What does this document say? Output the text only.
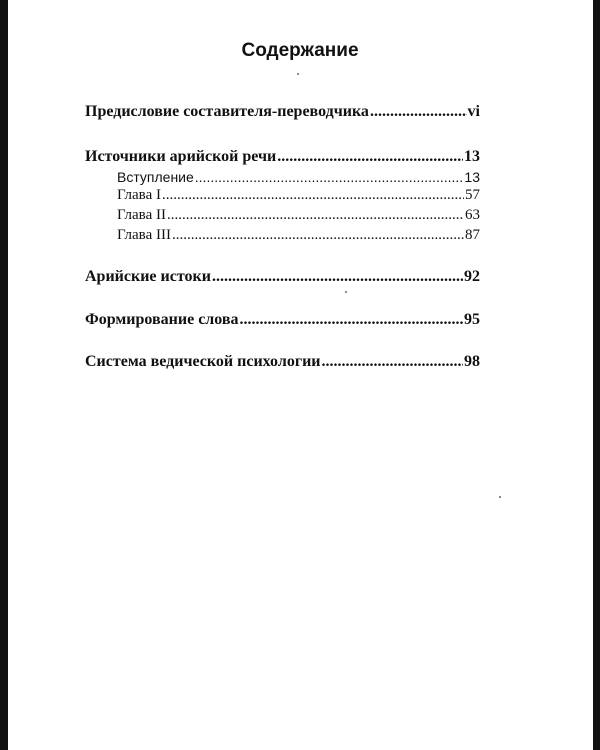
Содержание
Предисловие составителя-переводчика .....	vi
Источники арийской речи .....	13
Вступление .....	13
Глава I .....	57
Глава II .....	63
Глава III .....	87
Арийские истоки .....	92
Формирование слова .....	95
Система ведической психологии .....	98
